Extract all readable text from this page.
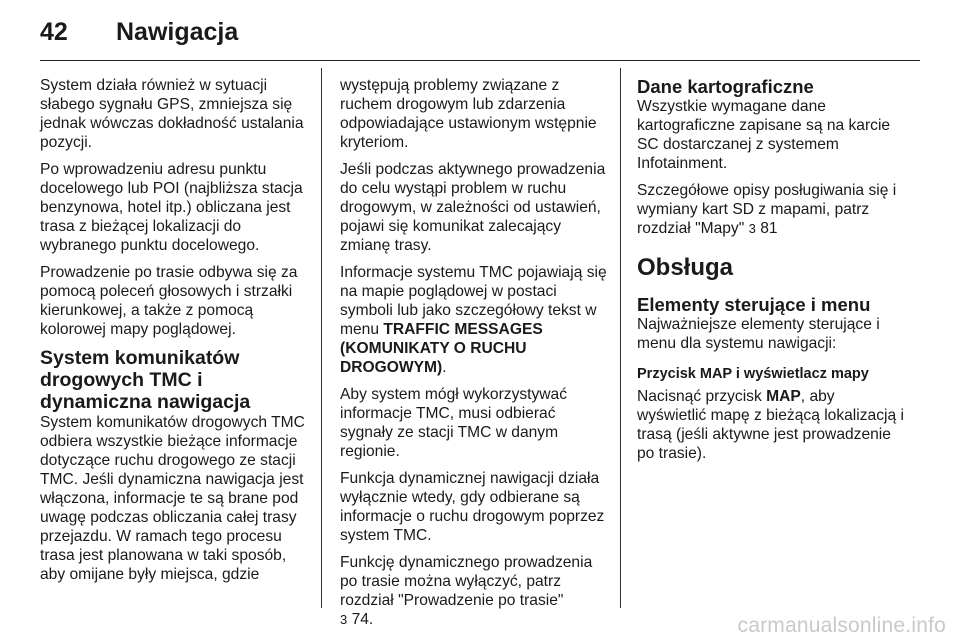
42	Nawigacja

System działa również w sytuacji słabego sygnału GPS, zmniejsza się jednak wówczas dokładność ustalania pozycji.

Po wprowadzeniu adresu punktu docelowego lub POI (najbliższa stacja benzynowa, hotel itp.) obliczana jest trasa z bieżącej lokalizacji do wybranego punktu docelowego.

Prowadzenie po trasie odbywa się za pomocą poleceń głosowych i strzałki kierunkowej, a także z pomocą kolorowej mapy poglądowej.

System komunikatów drogowych TMC i dynamiczna nawigacja

System komunikatów drogowych TMC odbiera wszystkie bieżące informacje dotyczące ruchu drogowego ze stacji TMC. Jeśli dynamiczna nawigacja jest włączona, informacje te są brane pod uwagę podczas obliczania całej trasy przejazdu. W ramach tego procesu trasa jest planowana w taki sposób, aby omijane były miejsca, gdzie

występują problemy związane z ruchem drogowym lub zdarzenia odpowiadające ustawionym wstępnie kryteriom.

Jeśli podczas aktywnego prowadzenia do celu wystąpi problem w ruchu drogowym, w zależności od ustawień, pojawi się komunikat zalecający zmianę trasy.

Informacje systemu TMC pojawiają się na mapie poglądowej w postaci symboli lub jako szczegółowy tekst w menu TRAFFIC MESSAGES (KOMUNIKATY O RUCHU DROGOWYM).

Aby system mógł wykorzystywać informacje TMC, musi odbierać sygnały ze stacji TMC w danym regionie.

Funkcja dynamicznej nawigacji działa wyłącznie wtedy, gdy odbierane są informacje o ruchu drogowym poprzez system TMC.

Funkcję dynamicznego prowadzenia po trasie można wyłączyć, patrz rozdział "Prowadzenie po trasie"
3 74.

Dane kartograficzne

Wszystkie wymagane dane kartograficzne zapisane są na karcie SC dostarczanej z systemem Infotainment.

Szczegółowe opisy posługiwania się i wymiany kart SD z mapami, patrz rozdział "Mapy" 3 81

Obsługa
Elementy sterujące i menu

Najważniejsze elementy sterujące i menu dla systemu nawigacji:

Przycisk MAP i wyświetlacz mapy

Nacisnąć przycisk MAP, aby wyświetlić mapę z bieżącą lokalizacją i trasą (jeśli aktywne jest prowadzenie po trasie).

carmanualsonline.info
